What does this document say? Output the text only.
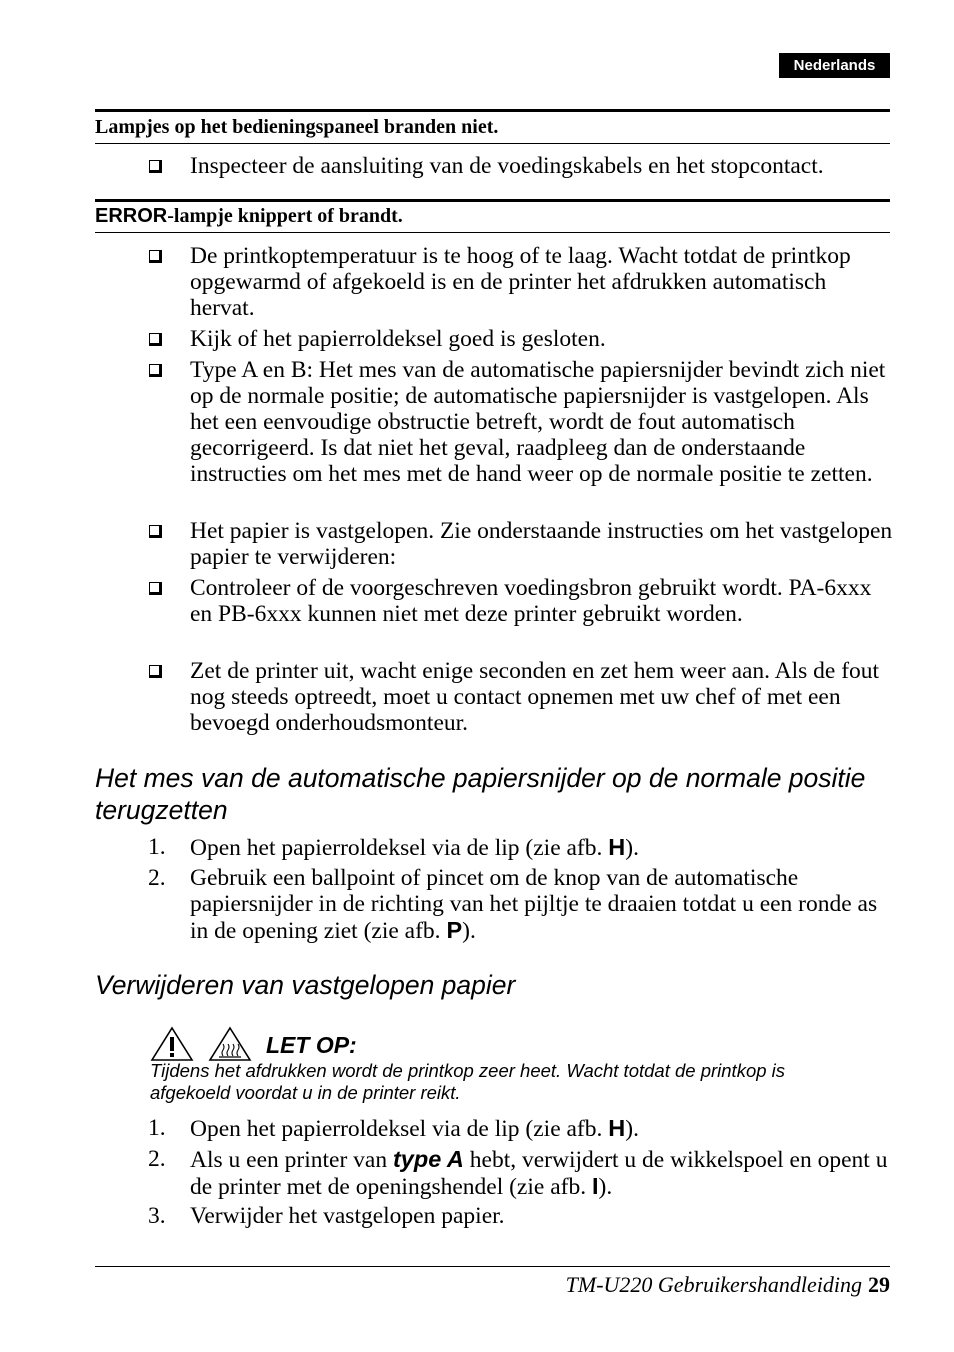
Nederlands
Lampjes op het bedieningspaneel branden niet.
Inspecteer de aansluiting van de voedingskabels en het stopcontact.
ERROR-lampje knippert of brandt.
De printkoptemperatuur is te hoog of te laag. Wacht totdat de printkop opgewarmd of afgekoeld is en de printer het afdrukken automatisch hervat.
Kijk of het papierroldeksel goed is gesloten.
Type A en B: Het mes van de automatische papiersnijder bevindt zich niet op de normale positie; de automatische papiersnijder is vastgelopen. Als het een eenvoudige obstructie betreft, wordt de fout automatisch gecorrigeerd. Is dat niet het geval, raadpleeg dan de onderstaande instructies om het mes met de hand weer op de normale positie te zetten.
Het papier is vastgelopen. Zie onderstaande instructies om het vastgelopen papier te verwijderen:
Controleer of de voorgeschreven voedingsbron gebruikt wordt. PA-6xxx en PB-6xxx kunnen niet met deze printer gebruikt worden.
Zet de printer uit, wacht enige seconden en zet hem weer aan. Als de fout nog steeds optreedt, moet u contact opnemen met uw chef of met een bevoegd onderhoudsmonteur.
Het mes van de automatische papiersnijder op de normale positie terugzetten
1.	Open het papierroldeksel via de lip (zie afb. H).
2.	Gebruik een ballpoint of pincet om de knop van de automatische papiersnijder in de richting van het pijltje te draaien totdat u een ronde as in de opening ziet (zie afb. P).
Verwijderen van vastgelopen papier
LET OP:
Tijdens het afdrukken wordt de printkop zeer heet. Wacht totdat de printkop is afgekoeld voordat u in de printer reikt.
1.	Open het papierroldeksel via de lip (zie afb. H).
2.	Als u een printer van type A hebt, verwijdert u de wikkelspoel en opent u de printer met de openingshendel (zie afb. I).
3.	Verwijder het vastgelopen papier.
TM-U220 Gebruikershandleiding 29
